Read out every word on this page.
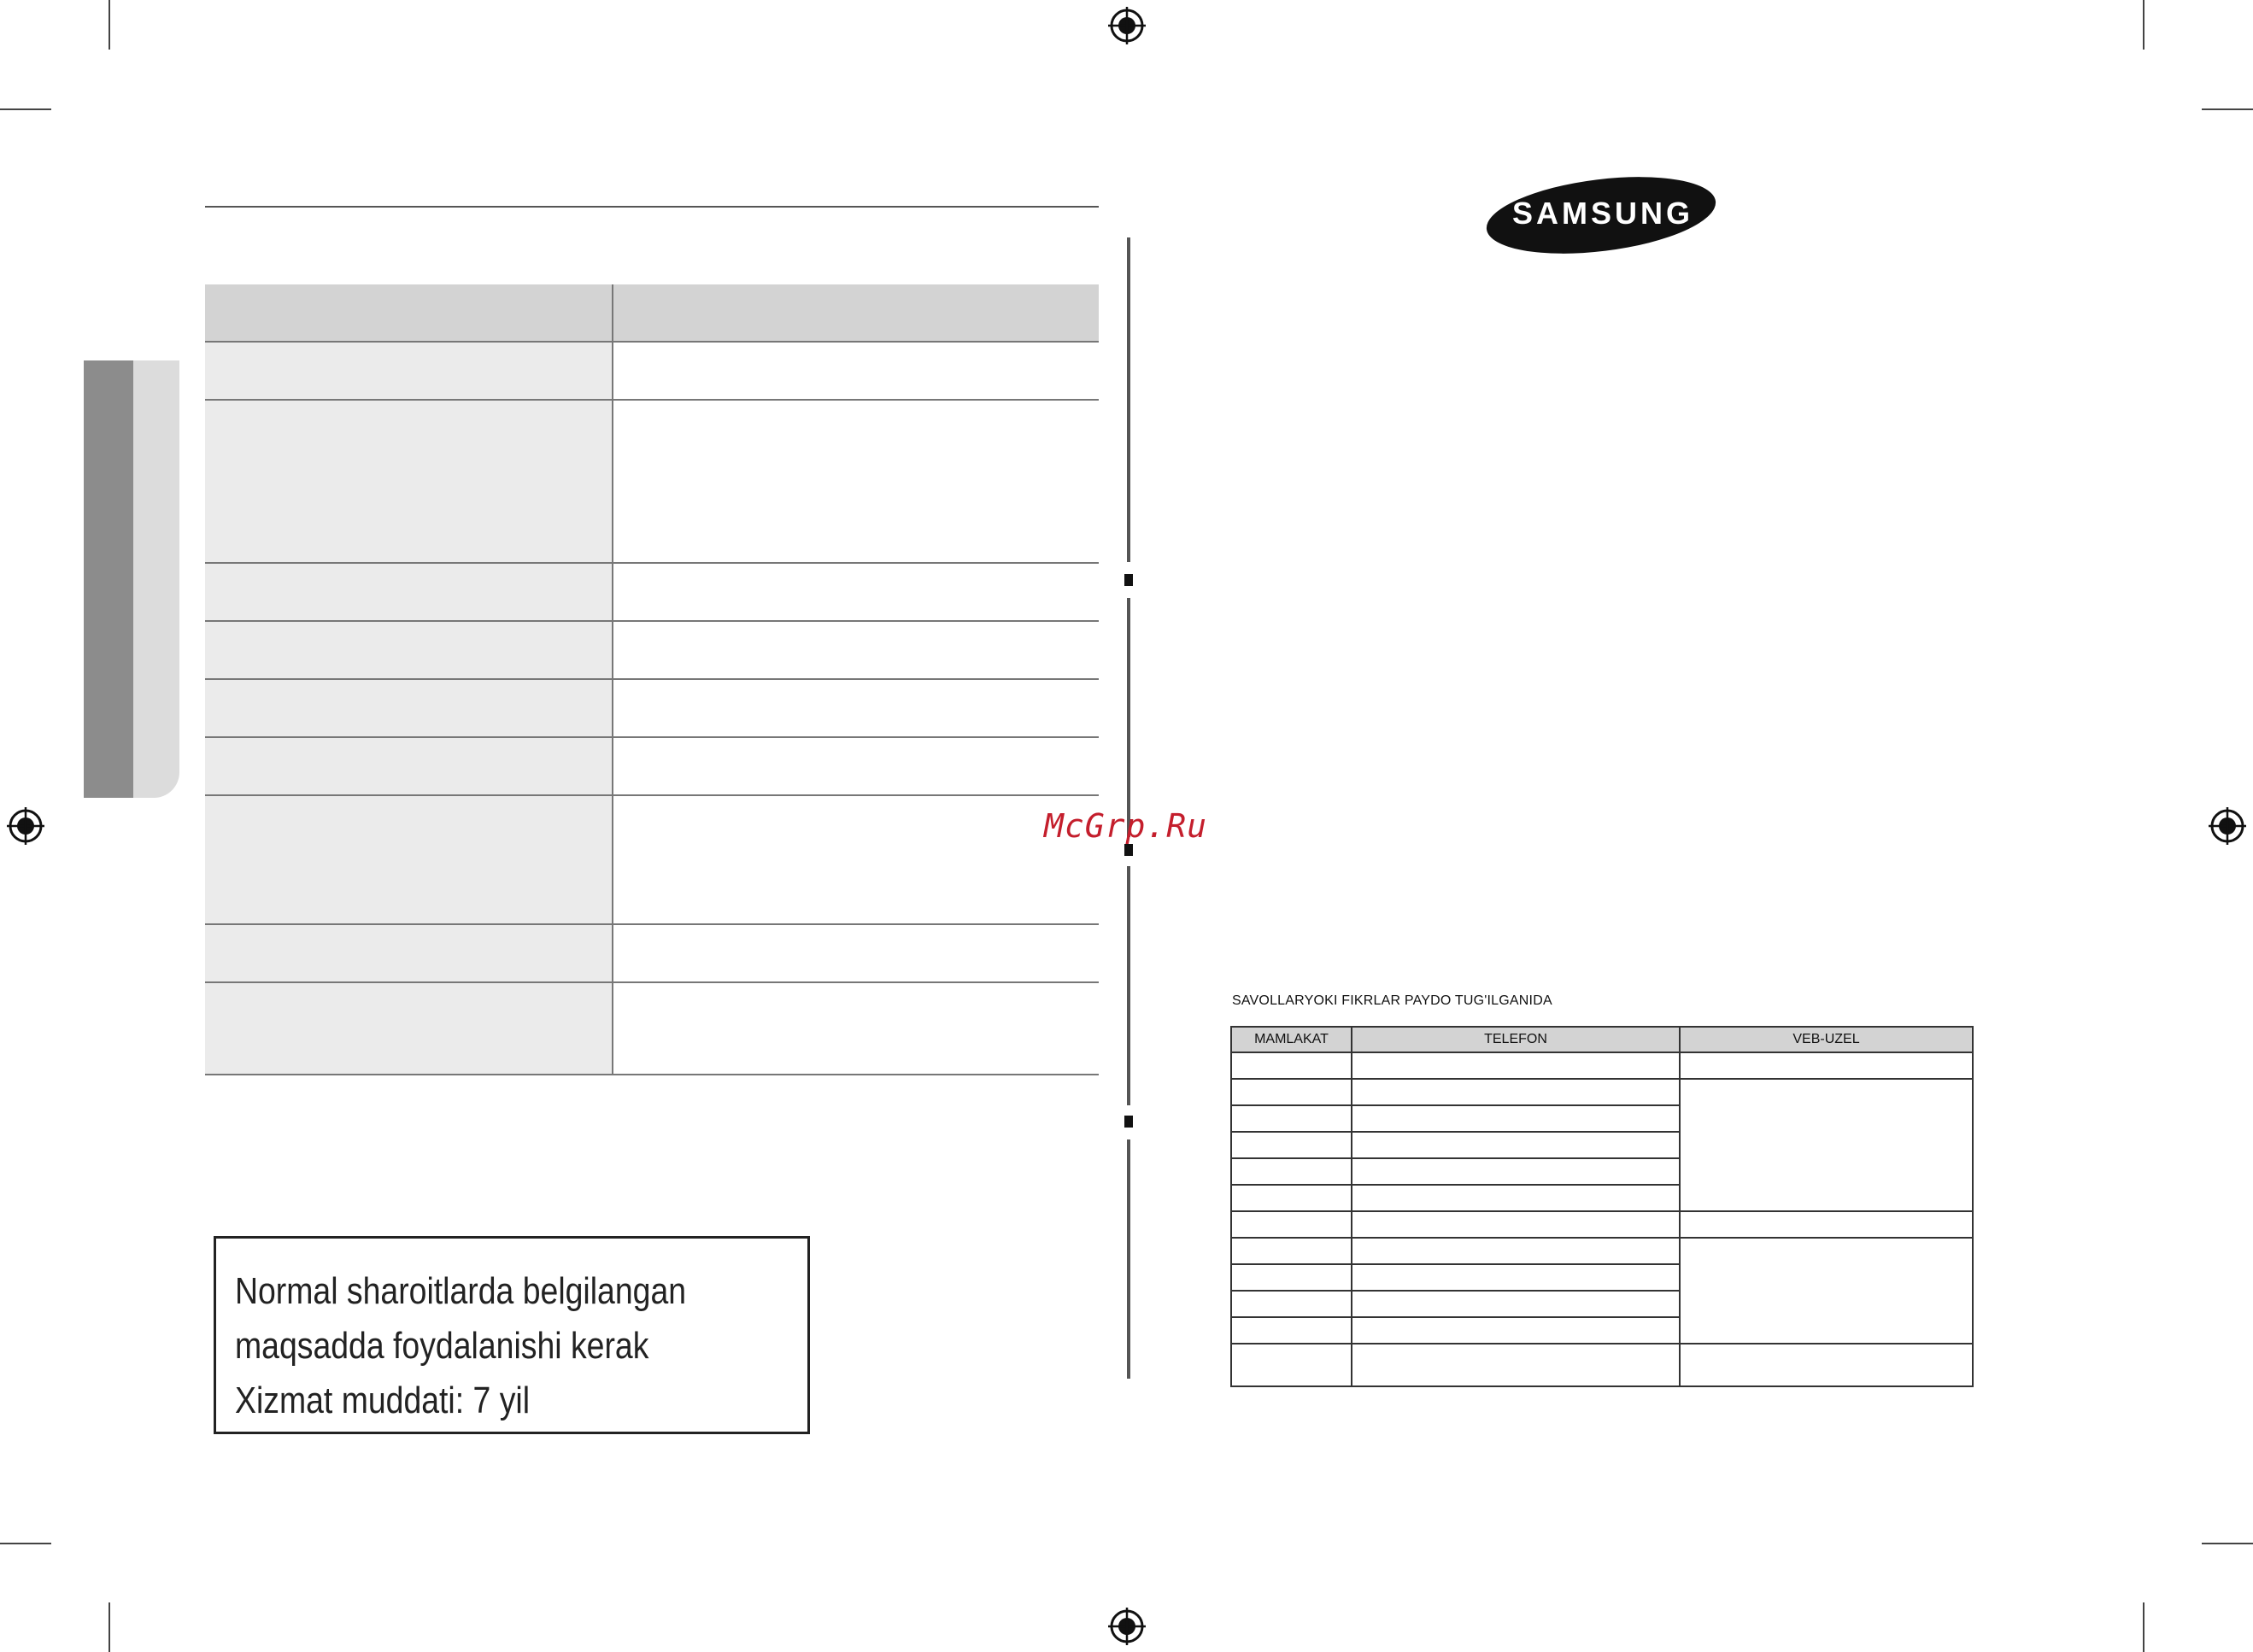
Normal sharoitlarda belgilangan
maqsadda foydalanishi kerak
Xizmat muddati: 7 yil
McGrp.Ru
SAMSUNG
SAVOLLARYOKI FIKRLAR PAYDO TUG'ILGANIDA
MAMLAKAT	TELEFON	VEB-UZEL
